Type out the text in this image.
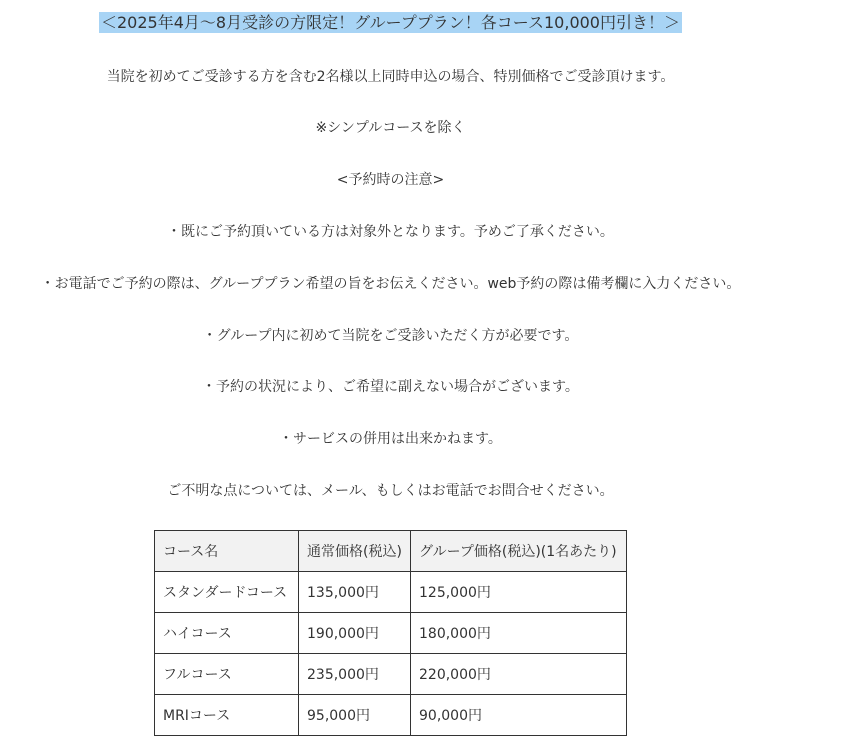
＜2025年4月～8月受診の方限定！グループプラン！各コース10,000円引き！＞
当院を初めてご受診する方を含む2名様以上同時申込の場合、特別価格でご受診頂けます。
※シンプルコースを除く
<予約時の注意>
・既にご予約頂いている方は対象外となります。予めご了承ください。
・お電話でご予約の際は、グループプラン希望の旨をお伝えください。web予約の際は備考欄に入力ください。
・グループ内に初めて当院をご受診いただく方が必要です。
・予約の状況により、ご希望に副えない場合がございます。
・サービスの併用は出来かねます。
ご不明な点については、メール、もしくはお電話でお問合せください。
コース名	通常価格(税込)	グループ価格(税込)(1名あたり)
スタンダードコース	135,000円	125,000円
ハイコース	190,000円	180,000円
フルコース	235,000円	220,000円
MRIコース	95,000円	90,000円
